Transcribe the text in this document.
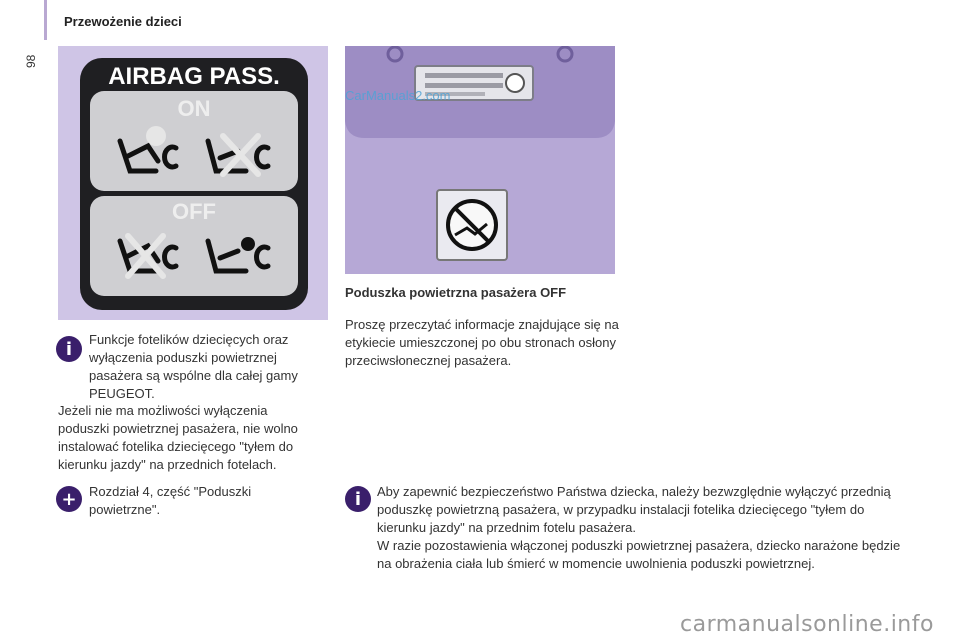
98
Przewożenie dzieci
AIRBAG PASS.
ON
OFF
CarManuals2.com
Poduszka powietrzna pasażera OFF
i Funkcje fotelików dziecięcych oraz wyłączenia poduszki powietrznej pasażera są wspólne dla całej gamy PEUGEOT.
Jeżeli nie ma możliwości wyłączenia poduszki powietrznej pasażera, nie wolno instalować fotelika dziecięcego "tyłem do kierunku jazdy" na przednich fotelach.
+ Rozdział 4, część "Poduszki powietrzne".
Proszę przeczytać informacje znajdujące się na etykiecie umieszczonej po obu stronach osłony przeciwsłonecznej pasażera.
i Aby zapewnić bezpieczeństwo Państwa dziecka, należy bezwzględnie wyłączyć przednią poduszkę powietrzną pasażera, w przypadku instalacji fotelika dziecięcego "tyłem do kierunku jazdy" na przednim fotelu pasażera.
W razie pozostawienia włączonej poduszki powietrznej pasażera, dziecko narażone będzie na obrażenia ciała lub śmierć w momencie uwolnienia poduszki powietrznej.
carmanualsonline.info
